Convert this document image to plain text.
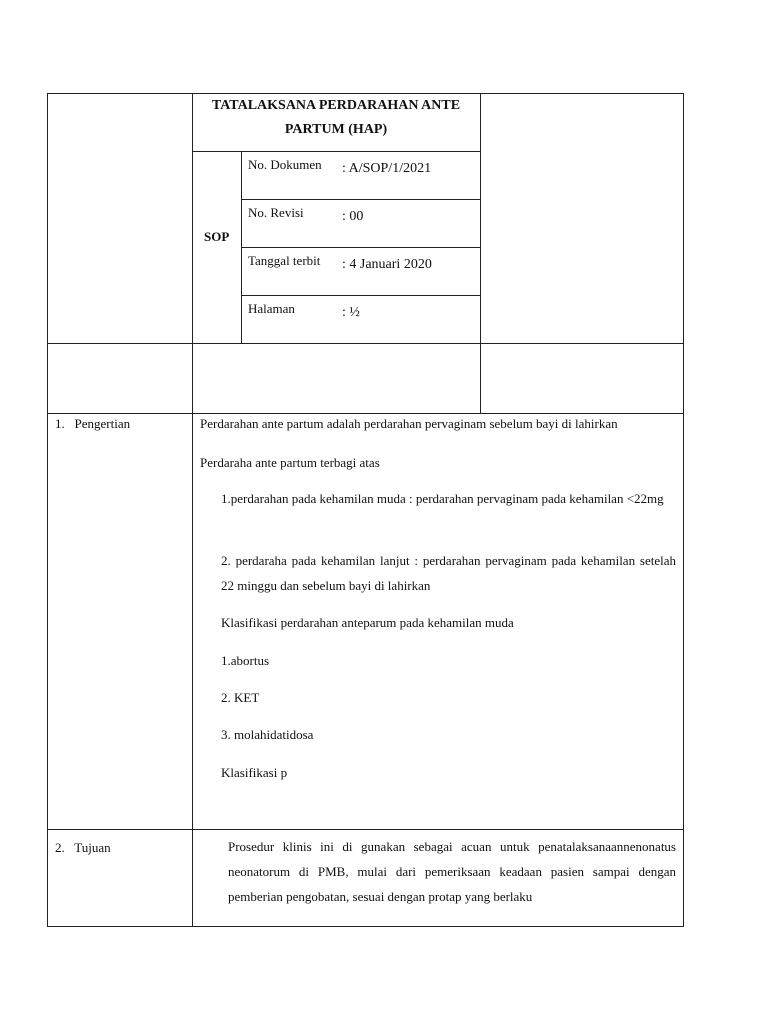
TATALAKSANA PERDARAHAN ANTE
PARTUM (HAP)
SOP
No. Dokumen : A/SOP/1/2021
No. Revisi	: 00
Tanggal terbit : 4 Januari 2020
Halaman	: ½
1.   Pengertian	Perdarahan ante partum adalah perdarahan pervaginam sebelum bayi di lahirkan
Perdaraha ante partum terbagi atas
1.perdarahan pada kehamilan muda : perdarahan pervaginam pada kehamilan <22mg
2. perdaraha pada kehamilan lanjut : perdarahan pervaginam pada kehamilan setelah 22 minggu dan sebelum bayi di lahirkan
Klasifikasi perdarahan anteparum pada kehamilan muda
1.abortus
2. KET
3. molahidatidosa
Klasifikasi p
2.   Tujuan	Prosedur klinis ini di gunakan sebagai acuan untuk penatalaksanaannenonatus neonatorum di PMB, mulai dari pemeriksaan keadaan pasien sampai dengan pemberian pengobatan, sesuai dengan protap yang berlaku
